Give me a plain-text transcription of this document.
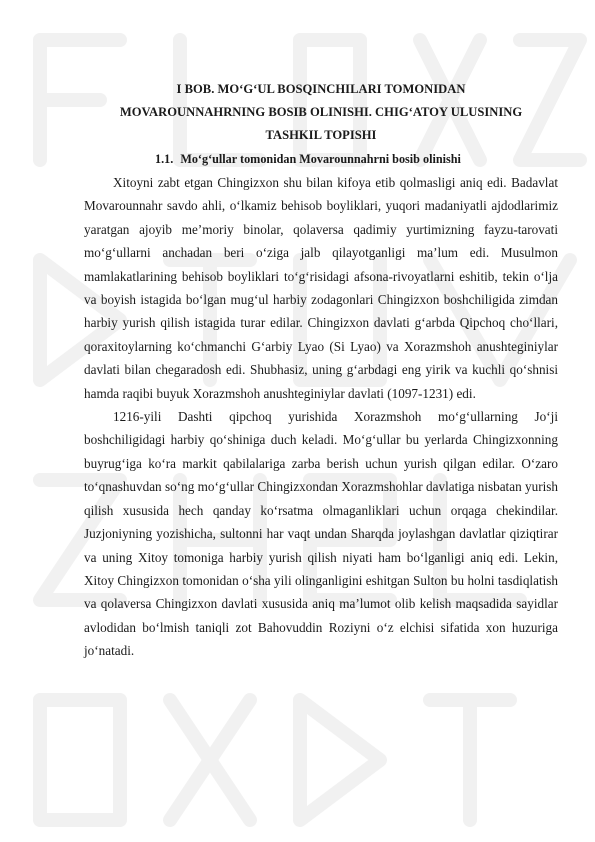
I BOB. MO‘G‘UL BOSQINCHILARI TOMONIDAN

MOVAROUNNAHRNING BOSIB OLINISHI. CHIG‘ATOY ULUSINING

TASHKIL TOPISHI

1.1. Mo‘g‘ullar tomonidan Movarounnahrni bosib olinishi

Xitoyni zabt etgan Chingizxon shu bilan kifoya etib qolmasligi aniq edi. Badavlat Movarounnahr savdo ahli, o‘lkamiz behisob boyliklari, yuqori madaniyatli ajdodlarimiz yaratgan ajoyib me’moriy binolar, qolaversa qadimiy yurtimizning fayzu-tarovati mo‘g‘ullarni anchadan beri o‘ziga jalb qilayotganligi ma’lum edi. Musulmon mamlakatlarining behisob boyliklari to‘g‘risidagi afsona-rivoyatlarni eshitib, tekin o‘lja va boyish istagida bo‘lgan mug‘ul harbiy zodagonlari Chingizxon boshchiligida zimdan harbiy yurish qilish istagida turar edilar. Chingizxon davlati g‘arbda Qipchoq cho‘llari, qoraxitoylarning ko‘chmanchi G‘arbiy Lyao (Si Lyao) va Xorazmshoh anushteginiylar davlati bilan chegaradosh edi. Shubhasiz, uning g‘arbdagi eng yirik va kuchli qo‘shnisi hamda raqibi buyuk Xorazmshoh anushteginiylar davlati (1097-1231) edi.

1216-yili Dashti qipchoq yurishida Xorazmshoh mo‘g‘ullarning Jo‘ji boshchiligidagi harbiy qo‘shiniga duch keladi. Mo‘g‘ullar bu yerlarda Chingizxonning buyrug‘iga ko‘ra markit qabilalariga zarba berish uchun yurish qilgan edilar. O‘zaro to‘qnashuvdan so‘ng mo‘g‘ullar Chingizxondan Xorazmshohlar davlatiga nisbatan yurish qilish xususida hech qanday ko‘rsatma olmaganliklari uchun orqaga chekindilar. Juzjoniyning yozishicha, sultonni har vaqt undan Sharqda joylashgan davlatlar qiziqtirar va uning Xitoy tomoniga harbiy yurish qilish niyati ham bo‘lganligi aniq edi. Lekin, Xitoy Chingizxon tomonidan o‘sha yili olinganligini eshitgan Sulton bu holni tasdiqlatish va qolaversa Chingizxon davlati xususida aniq ma’lumot olib kelish maqsadida sayidlar avlodidan bo‘lmish taniqli zot Bahovuddin Roziyni o‘z elchisi sifatida xon huzuriga jo‘natadi.
